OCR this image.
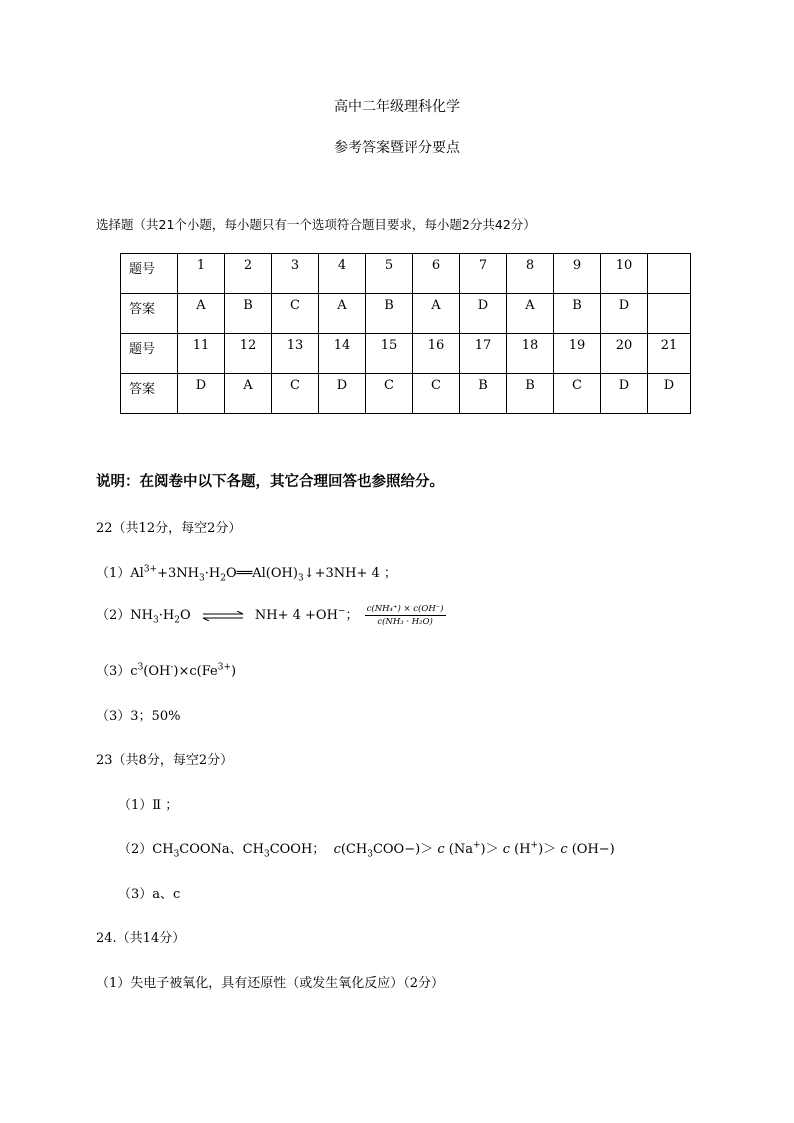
高中二年级理科化学
参考答案暨评分要点
选择题（共21个小题，每小题只有一个选项符合题目要求，每小题2分共42分）
题号	1	2	3	4	5	6	7	8	9	10	

答案	A	B	C	A	B	A	D	A	B	D	

题号	11	12	13	14	15	16	17	18	19	20	21

答案	D	A	C	D	C	C	B	B	C	D	D
说明：在阅卷中以下各题，其它合理回答也参照给分。
22（共12分，每空2分）
$(1)Al^{3+}+3NH_3\cdot H_2O══Al(OH)_3↓+3NH+ 4$ ；
$(2)NH_3\cdot H_2O$ ⇌ NH+ 4 +OH−； $\frac{\text{c(NH₄⁺) × c(OH⁻)}}{\text{c(NH₃ · H₂O)}}$
$(3)c^3(OH^-)\times c(Fe^{3+})$
（3）3；50%
23（共8分，每空2分）
（1）Ⅱ ；
$(2)CH_3COONa$、$CH_3COOH$； $c(CH_3COO-)> c$ (Na+)＞ c (H+)＞ c (OH−)
（3）a、c
24.（共14分）
（1）失电子被氧化，具有还原性（或发生氧化反应）（2分）
